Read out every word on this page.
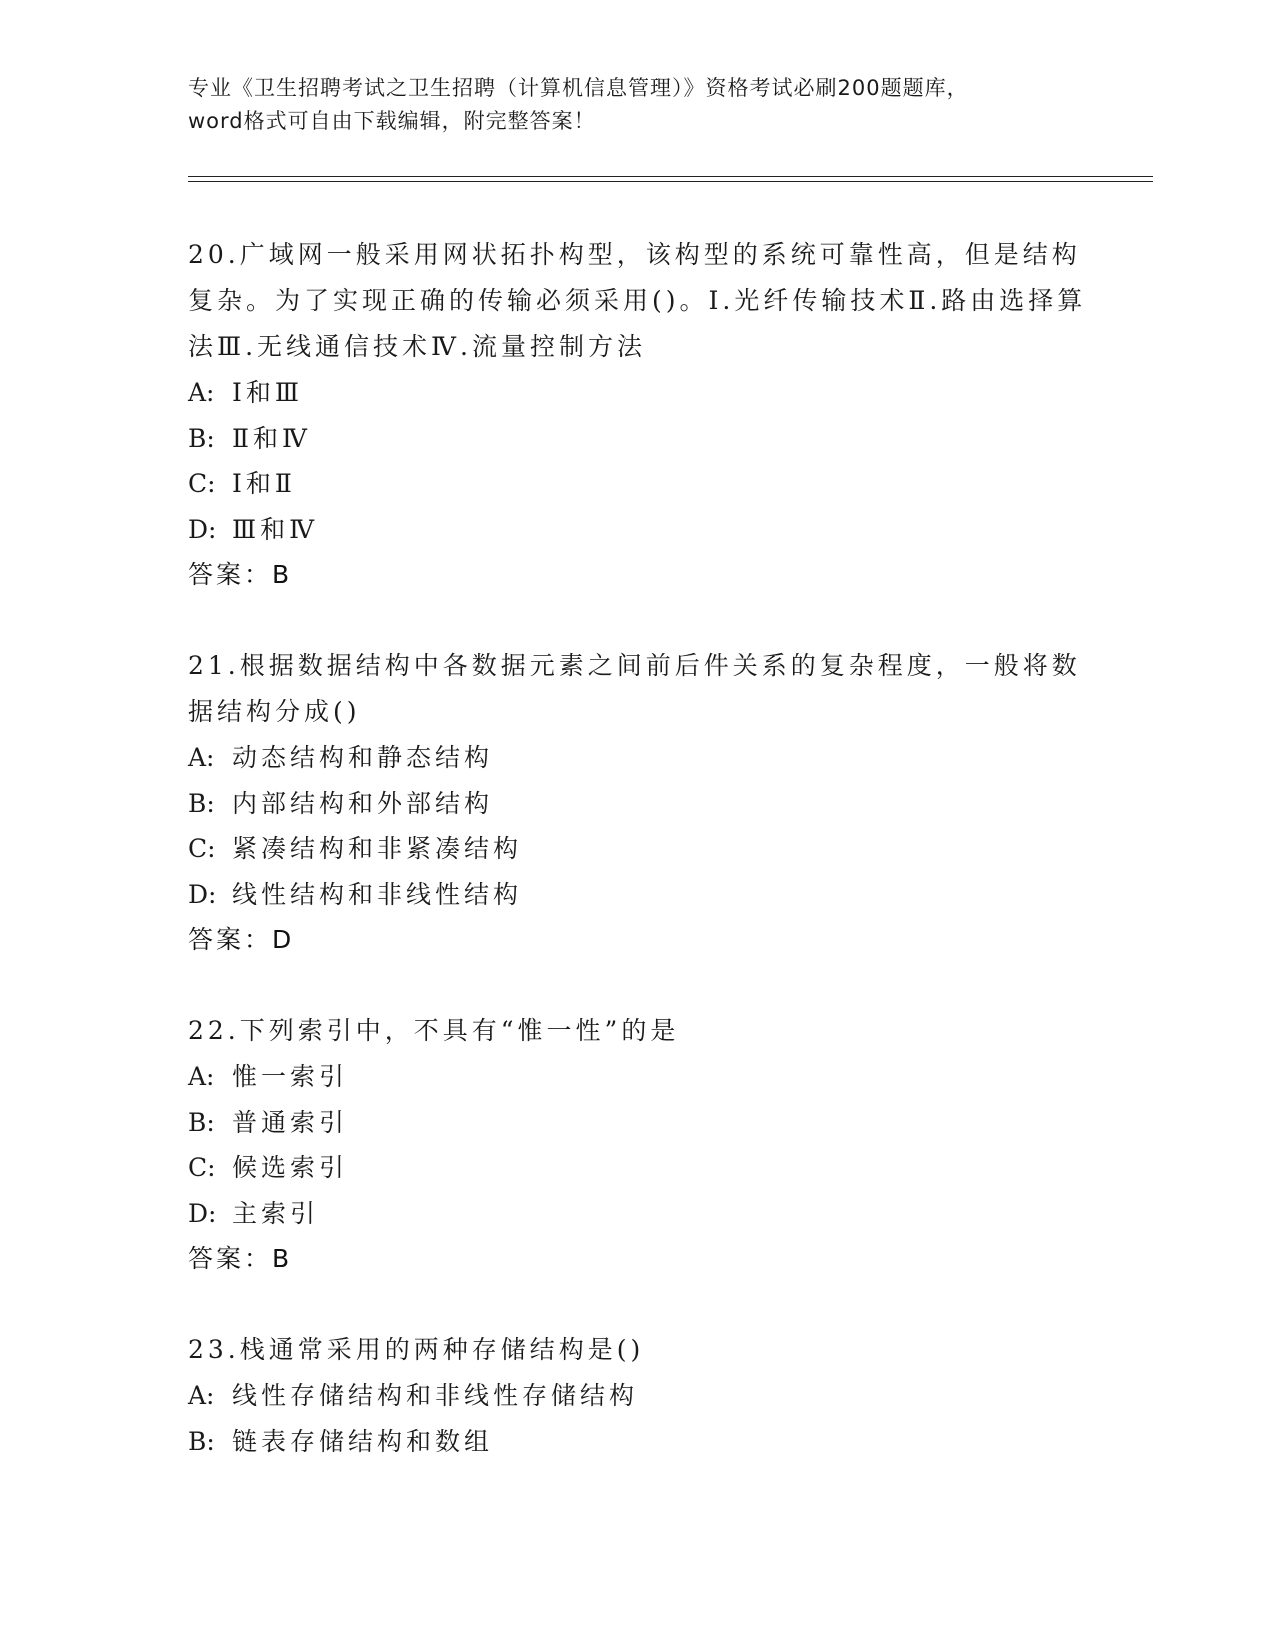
专业《卫生招聘考试之卫生招聘（计算机信息管理）》资格考试必刷200题题库，
word格式可自由下载编辑，附完整答案！

20.广域网一般采用网状拓扑构型，该构型的系统可靠性高，但是结构复杂。为了实现正确的传输必须采用()。Ⅰ.光纤传输技术Ⅱ.路由选择算法Ⅲ.无线通信技术Ⅳ.流量控制方法

A: Ⅰ和Ⅲ
B: Ⅱ和Ⅳ
C: Ⅰ和Ⅱ
D: Ⅲ和Ⅳ

答案：B

21.根据数据结构中各数据元素之间前后件关系的复杂程度，一般将数据结构分成()

A: 动态结构和静态结构
B: 内部结构和外部结构
C: 紧凑结构和非紧凑结构
D: 线性结构和非线性结构

答案：D

22.下列索引中，不具有“惟一性”的是

A: 惟一索引
B: 普通索引
C: 候选索引
D: 主索引

答案：B

23.栈通常采用的两种存储结构是()

A: 线性存储结构和非线性存储结构
B: 链表存储结构和数组
